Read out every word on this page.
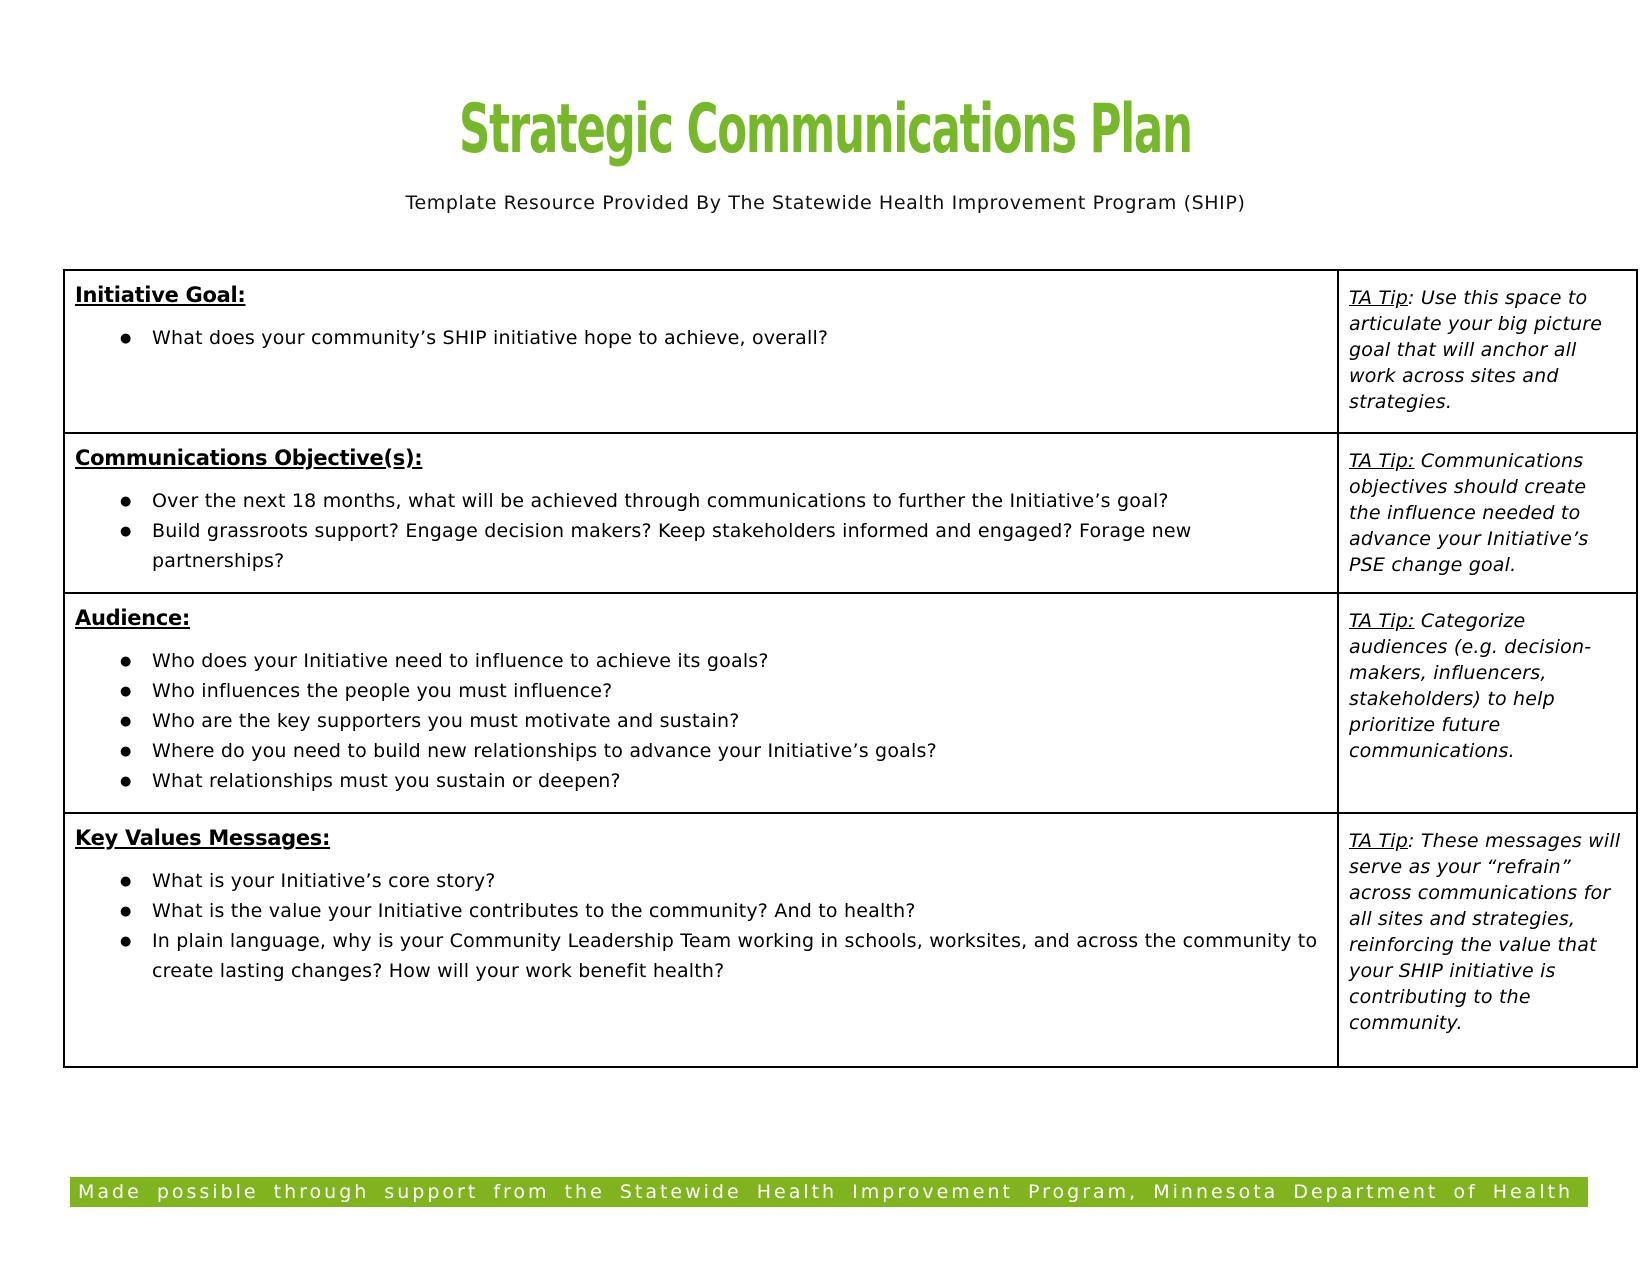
Strategic Communications Plan

Template Resource Provided By The Statewide Health Improvement Program (SHIP)

Initiative Goal:
● What does your community’s SHIP initiative hope to achieve, overall?

TA Tip: Use this space to articulate your big picture goal that will anchor all work across sites and strategies.

Communications Objective(s):
● Over the next 18 months, what will be achieved through communications to further the Initiative’s goal?
● Build grassroots support? Engage decision makers? Keep stakeholders informed and engaged? Forage new partnerships?

TA Tip: Communications objectives should create the influence needed to advance your Initiative’s PSE change goal.

Audience:
● Who does your Initiative need to influence to achieve its goals?
● Who influences the people you must influence?
● Who are the key supporters you must motivate and sustain?
● Where do you need to build new relationships to advance your Initiative’s goals?
● What relationships must you sustain or deepen?

TA Tip: Categorize audiences (e.g. decision-makers, influencers, stakeholders) to help prioritize future communications.

Key Values Messages:
● What is your Initiative’s core story?
● What is the value your Initiative contributes to the community? And to health?
● In plain language, why is your Community Leadership Team working in schools, worksites, and across the community to create lasting changes? How will your work benefit health?

TA Tip: These messages will serve as your “refrain” across communications for all sites and strategies, reinforcing the value that your SHIP initiative is contributing to the community.

Made possible through support from the Statewide Health Improvement Program, Minnesota Department of Health
